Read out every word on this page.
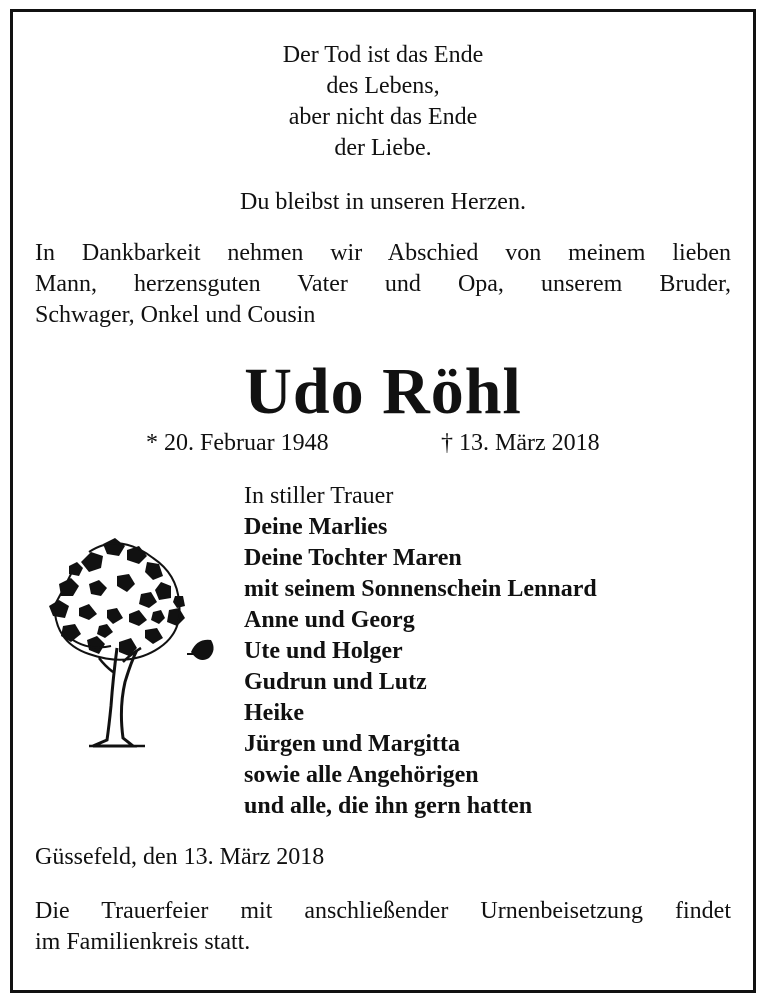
Der Tod ist das Ende
des Lebens,
aber nicht das Ende
der Liebe.
Du bleibst in unseren Herzen.
In Dankbarkeit nehmen wir Abschied von meinem lieben
Mann, herzensguten Vater und Opa, unserem Bruder,
Schwager, Onkel und Cousin
Udo Röhl
* 20. Februar 1948	† 13. März 2018
In stiller Trauer
Deine Marlies
Deine Tochter Maren
mit seinem Sonnenschein Lennard
Anne und Georg
Ute und Holger
Gudrun und Lutz
Heike
Jürgen und Margitta
sowie alle Angehörigen
und alle, die ihn gern hatten
Güssefeld, den 13. März 2018
Die Trauerfeier mit anschließender Urnenbeisetzung findet
im Familienkreis statt.
